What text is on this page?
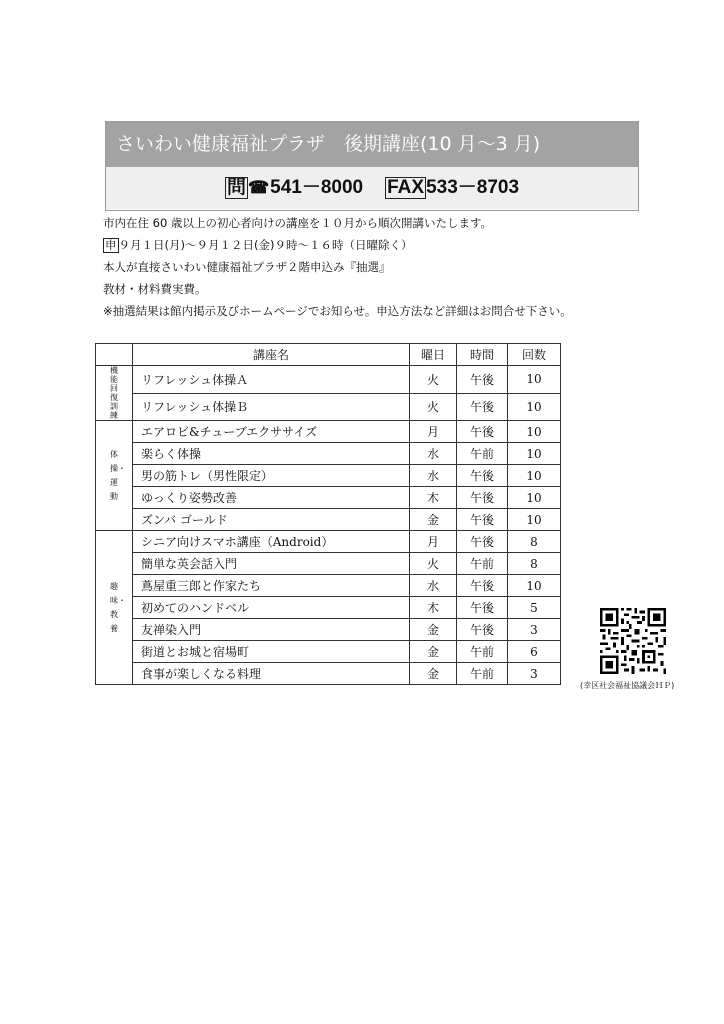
さいわい健康福祉プラザ　後期講座(10 月～3 月)
問 ☎541－8000 FAX 533－8703
市内在住 60 歳以上の初心者向けの講座を１０月から順次開講いたします。
申 ９月１日(月)～９月１２日(金)９時～１６時（日曜除く）
本人が直接さいわい健康福祉プラザ２階申込み『抽選』
教材・材料費実費。
※抽選結果は館内掲示及びホームページでお知らせ。申込方法など詳細はお問合せ下さい。
	講座名	曜日	時間	回数
機能回復訓練	リフレッシュ体操Ａ	火	午後	10
	リフレッシュ体操Ｂ	火	午後	10
体操・運動	エアロビ&チューブエクササイズ	月	午後	10
	楽らく体操	水	午前	10
	男の筋トレ（男性限定）	水	午後	10
	ゆっくり姿勢改善	木	午後	10
	ズンバ ゴールド	金	午後	10
趣味・教養	シニア向けスマホ講座（Android）	月	午後	8
	簡単な英会話入門	火	午前	8
	蔦屋重三郎と作家たち	水	午後	10
	初めてのハンドベル	木	午後	5
	友禅染入門	金	午後	3
	街道とお城と宿場町	金	午前	6
	食事が楽しくなる料理	金	午前	3
(幸区社会福祉協議会ＨＰ)
